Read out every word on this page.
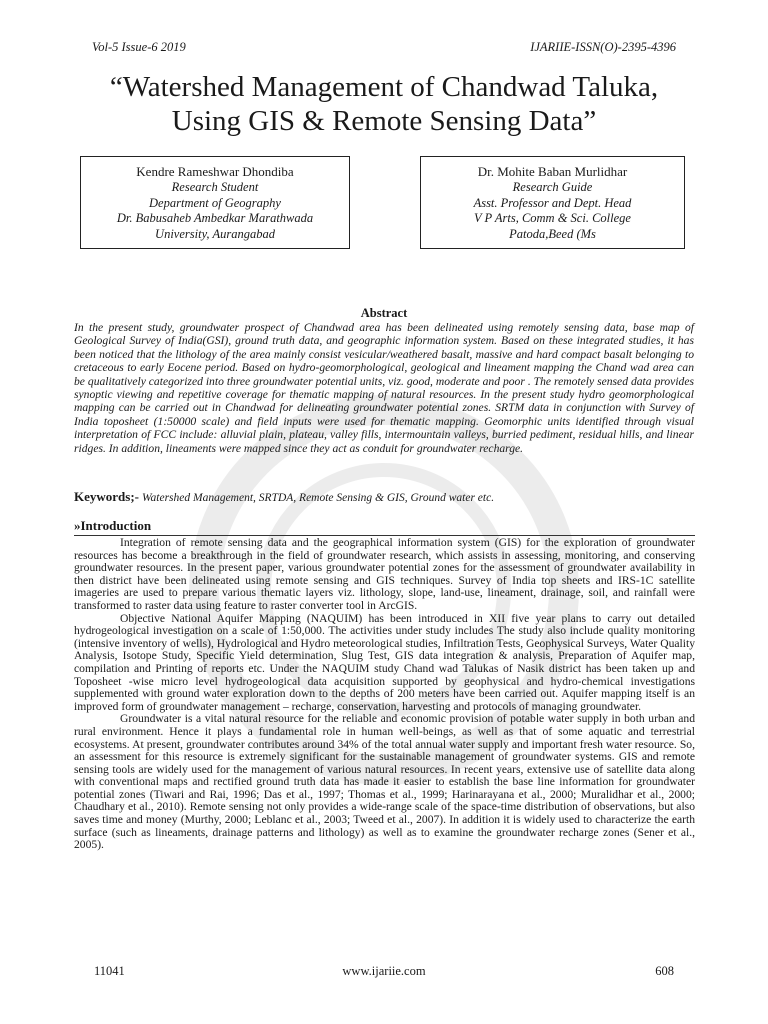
Vol-5 Issue-6 2019	IJARIIE-ISSN(O)-2395-4396
“Watershed Management of Chandwad Taluka,
Using GIS & Remote Sensing Data”
Kendre Rameshwar Dhondiba
Research Student
Department of Geography
Dr. Babusaheb Ambedkar Marathwada
University, Aurangabad
Dr. Mohite Baban Murlidhar
Research Guide
Asst. Professor and Dept. Head
V P Arts, Comm & Sci. College
Patoda,Beed (Ms
Abstract

In the present study, groundwater prospect of Chandwad area has been delineated using remotely sensing data, base map of Geological Survey of India(GSI), ground truth data, and geographic information system. Based on these integrated studies, it has been noticed that the lithology of the area mainly consist vesicular/weathered basalt, massive and hard compact basalt belonging to cretaceous to early Eocene period. Based on hydro-geomorphological, geological and lineament mapping the Chand wad area can be qualitatively categorized into three groundwater potential units, viz. good, moderate and poor . The remotely sensed data provides synoptic viewing and repetitive coverage for thematic mapping of natural resources. In the present study hydro geomorphological mapping can be carried out in Chandwad for delineating groundwater potential zones. SRTM data in conjunction with Survey of India toposheet (1:50000 scale) and field inputs were used for thematic mapping. Geomorphic units identified through visual interpretation of FCC include: alluvial plain, plateau, valley fills, intermountain valleys, burried pediment, residual hills, and linear ridges. In addition, lineaments were mapped since they act as conduit for groundwater recharge.

Keywords;- Watershed Management, SRTDA, Remote Sensing & GIS, Ground water etc.
»Introduction

Integration of remote sensing data and the geographical information system (GIS) for the exploration of groundwater resources has become a breakthrough in the field of groundwater research, which assists in assessing, monitoring, and conserving groundwater resources. In the present paper, various groundwater potential zones for the assessment of groundwater availability in then district have been delineated using remote sensing and GIS techniques. Survey of India top sheets and IRS-1C satellite imageries are used to prepare various thematic layers viz. lithology, slope, land-use, lineament, drainage, soil, and rainfall were transformed to raster data using feature to raster converter tool in ArcGIS.

Objective National Aquifer Mapping (NAQUIM) has been introduced in XII five year plans to carry out detailed hydrogeological investigation on a scale of 1:50,000. The activities under study includes The study also include quality monitoring (intensive inventory of wells), Hydrological and Hydro meteorological studies, Infiltration Tests, Geophysical Surveys, Water Quality Analysis, Isotope Study, Specific Yield determination, Slug Test, GIS data integration & analysis, Preparation of Aquifer map, compilation and Printing of reports etc. Under the NAQUIM study Chand wad Talukas of Nasik district has been taken up and Toposheet -wise micro level hydrogeological data acquisition supported by geophysical and hydro-chemical investigations supplemented with ground water exploration down to the depths of 200 meters have been carried out. Aquifer mapping itself is an improved form of groundwater management – recharge, conservation, harvesting and protocols of managing groundwater.

Groundwater is a vital natural resource for the reliable and economic provision of potable water supply in both urban and rural environment. Hence it plays a fundamental role in human well-beings, as well as that of some aquatic and terrestrial ecosystems. At present, groundwater contributes around 34% of the total annual water supply and important fresh water resource. So, an assessment for this resource is extremely significant for the sustainable management of groundwater systems. GIS and remote sensing tools are widely used for the management of various natural resources. In recent years, extensive use of satellite data along with conventional maps and rectified ground truth data has made it easier to establish the base line information for groundwater potential zones (Tiwari and Rai, 1996; Das et al., 1997; Thomas et al., 1999; Harinarayana et al., 2000; Muralidhar et al., 2000; Chaudhary et al., 2010). Remote sensing not only provides a wide-range scale of the space-time distribution of observations, but also saves time and money (Murthy, 2000; Leblanc et al., 2003; Tweed et al., 2007). In addition it is widely used to characterize the earth surface (such as lineaments, drainage patterns and lithology) as well as to examine the groundwater recharge zones (Sener et al., 2005).

11041	www.ijariie.com	608
